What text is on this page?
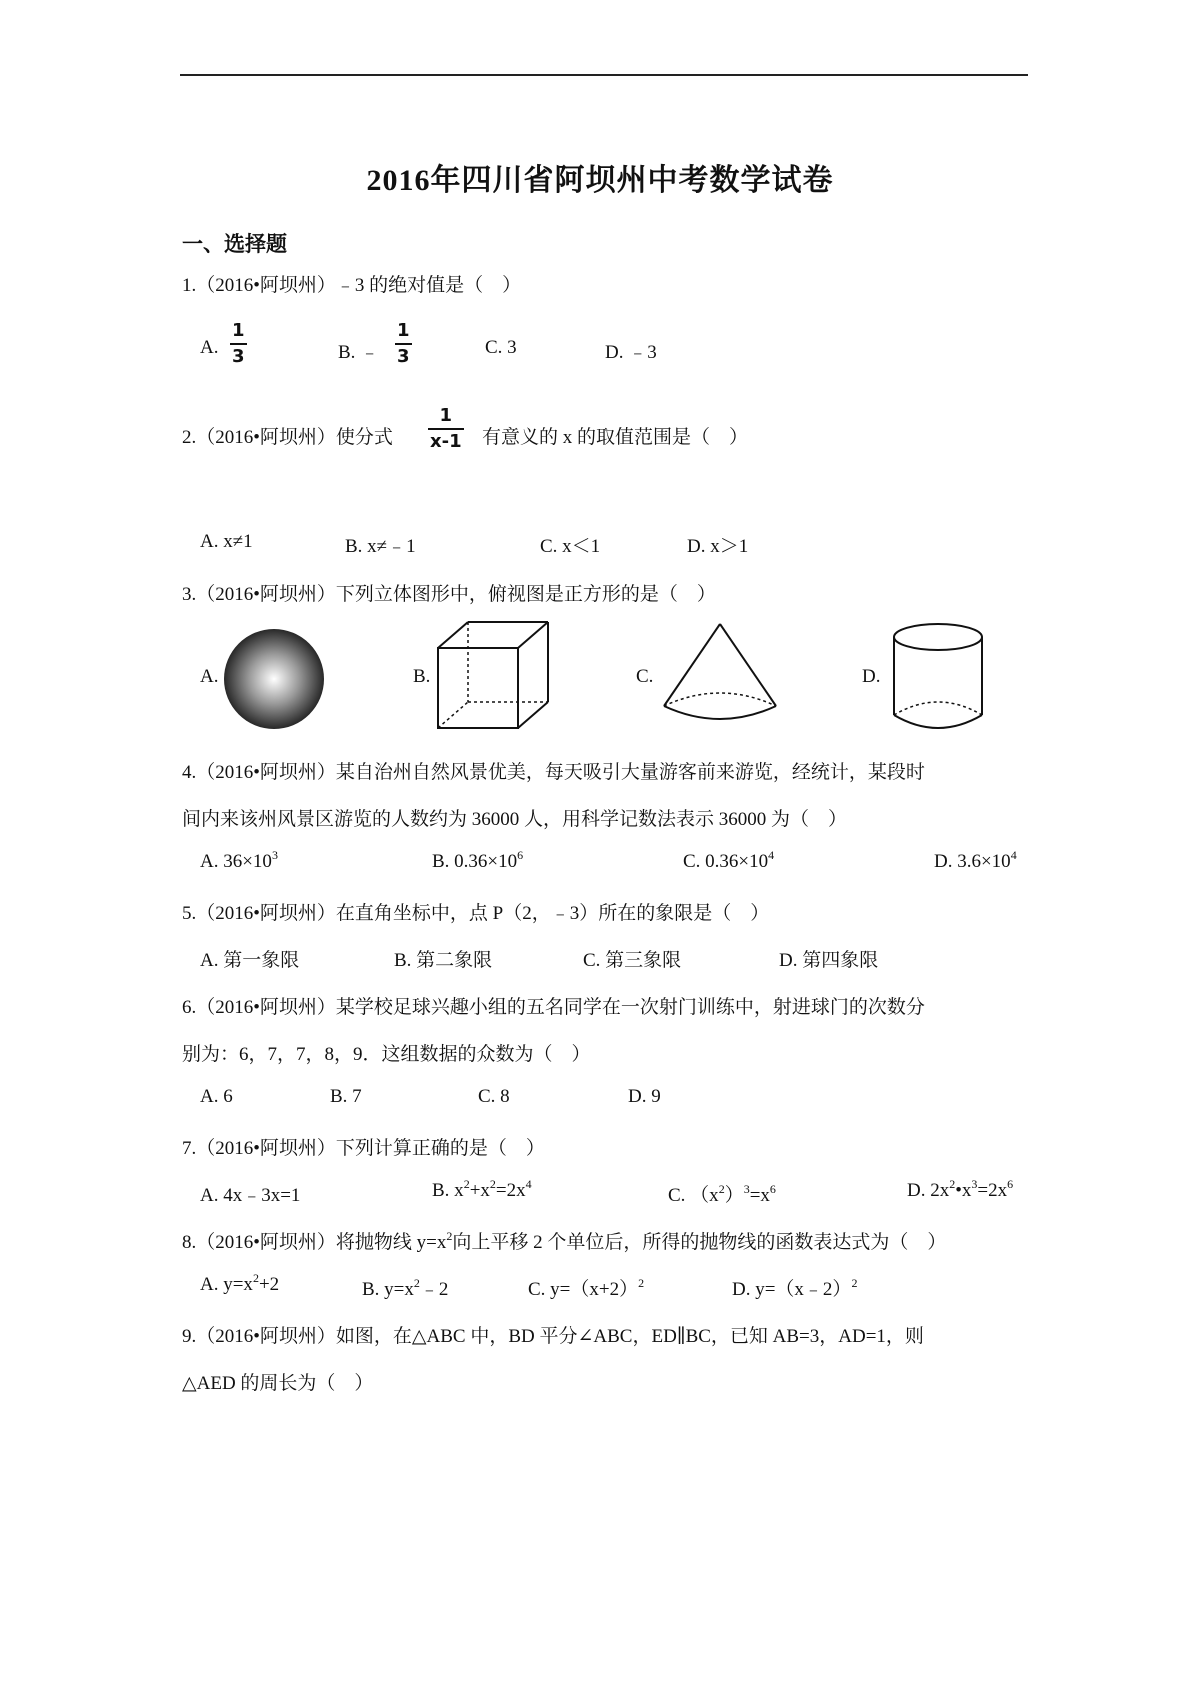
2016年四川省阿坝州中考数学试卷
一、选择题
1.（2016•阿坝州）﹣3 的绝对值是（　）
A.
1
3	B. ﹣
1
3	C. 3	D. ﹣3
2.（2016•阿坝州）使分式
1
x-1 有意义的 x 的取值范围是（　）
A. x≠1	B. x≠﹣1	C. x＜1	D. x＞1
3.（2016•阿坝州）下列立体图形中，俯视图是正方形的是（　）
A.	B.	C.	D.
4.（2016•阿坝州）某自治州自然风景优美，每天吸引大量游客前来游览，经统计，某段时
间内来该州风景区游览的人数约为 36000 人，用科学记数法表示 36000 为（　）
A. $36\times 10^3$	B. $0.36\times 10^6$	C. $0.36\times 10^4$	D. $3.6\times 10^4$
5.（2016•阿坝州）在直角坐标中，点 P（2，﹣3）所在的象限是（　）
A. 第一象限	B. 第二象限	C. 第三象限	D. 第四象限
6.（2016•阿坝州）某学校足球兴趣小组的五名同学在一次射门训练中，射进球门的次数分
别为：6，7，7，8，9．这组数据的众数为（　）
A. 6	B. 7	C. 8	D. 9
7.（2016•阿坝州）下列计算正确的是（　）
A. 4x﹣3x=1	B. $x^2+x^2=2x^4$
C. $(x^2)^3=x^6$	D. $2x^2•x^3=2x^6$
8.（2016•阿坝州）将抛物线 $y=x^2$向上平移 2 个单位后，所得的抛物线的函数表达式为（　）
A. $y=x^2+2$	B. $y=x^2﹣2$	C. $y=(x+2)^2$	D. y=（x﹣2）$^2$
9.（2016•阿坝州）如图，在△ABC 中，BD 平分∠ABC，ED∥BC，已知 AB=3，AD=1，则
△AED 的周长为（　）
